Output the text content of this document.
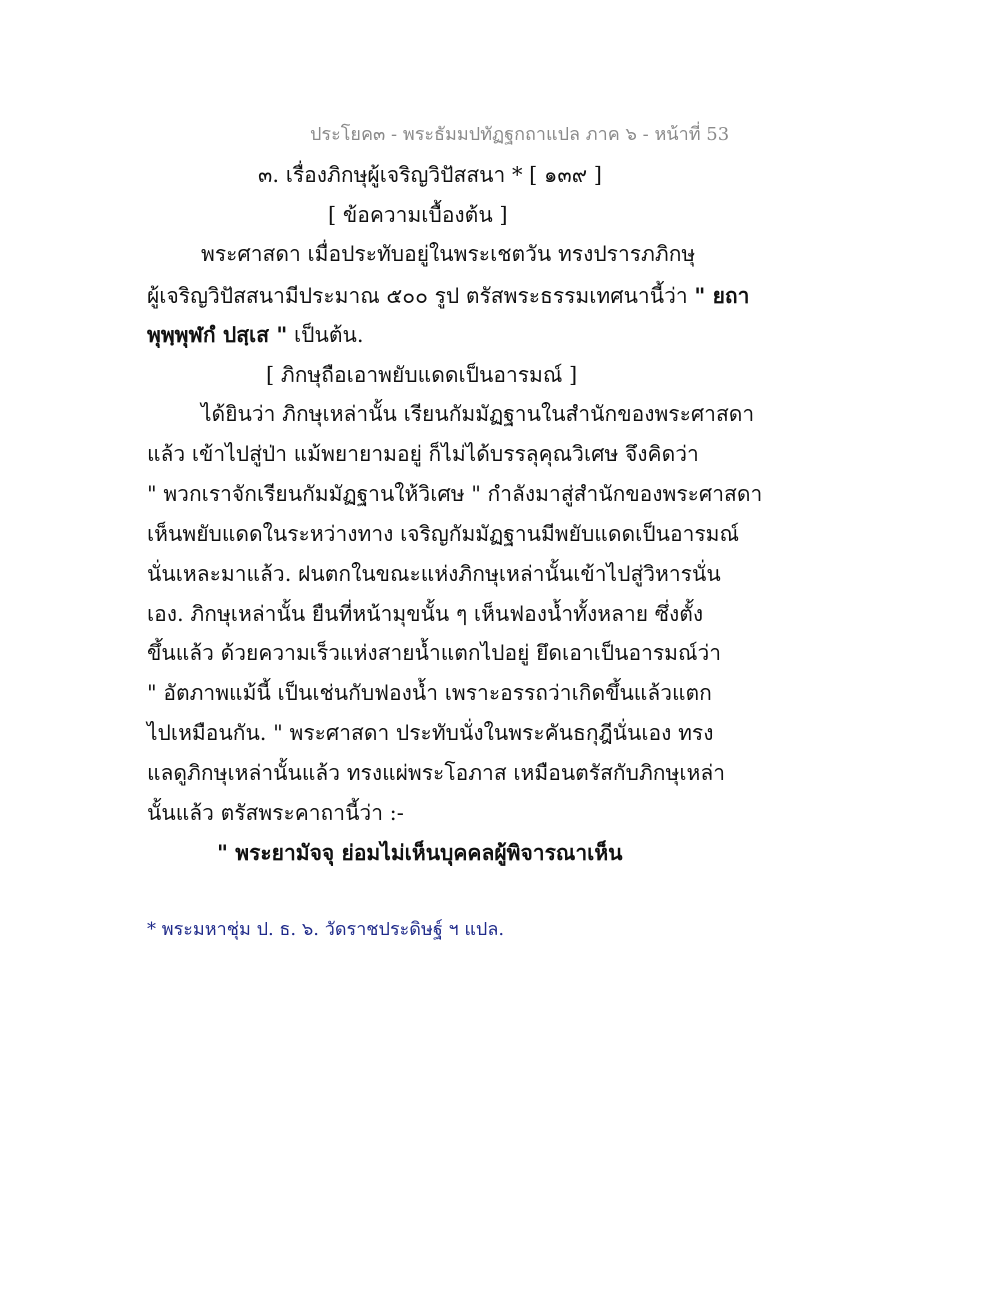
ประโยค๓ - พระธัมมปทัฏฐกถาแปล ภาค ๖ - หน้าที่ 53
๓. เรื่องภิกษุผู้เจริญวิปัสสนา * [ ๑๓๙ ]
[ ข้อความเบื้องต้น ]
พระศาสดา เมื่อประทับอยู่ในพระเชตวัน ทรงปรารภภิกษุ
ผู้เจริญวิปัสสนามีประมาณ ๕๐๐ รูป ตรัสพระธรรมเทศนานี้ว่า " ยถา
พุพฺพุฬกํ ปสฺเส " เป็นต้น.
[ ภิกษุถือเอาพยับแดดเป็นอารมณ์ ]
ได้ยินว่า ภิกษุเหล่านั้น เรียนกัมมัฏฐานในสำนักของพระศาสดา
แล้ว เข้าไปสู่ป่า แม้พยายามอยู่ ก็ไม่ได้บรรลุคุณวิเศษ จึงคิดว่า
" พวกเราจักเรียนกัมมัฏฐานให้วิเศษ " กำลังมาสู่สำนักของพระศาสดา
เห็นพยับแดดในระหว่างทาง เจริญกัมมัฏฐานมีพยับแดดเป็นอารมณ์
นั่นเหละมาแล้ว. ฝนตกในขณะแห่งภิกษุเหล่านั้นเข้าไปสู่วิหารนั่น
เอง. ภิกษุเหล่านั้น ยืนที่หน้ามุขนั้น ๆ เห็นฟองน้ำทั้งหลาย ซึ่งตั้ง
ขึ้นแล้ว ด้วยความเร็วแห่งสายน้ำแตกไปอยู่ ยึดเอาเป็นอารมณ์ว่า
" อัตภาพแม้นี้ เป็นเช่นกับฟองน้ำ เพราะอรรถว่าเกิดขึ้นแล้วแตก
ไปเหมือนกัน. " พระศาสดา ประทับนั่งในพระคันธกุฎีนั่นเอง ทรง
แลดูภิกษุเหล่านั้นแล้ว ทรงแผ่พระโอภาส เหมือนตรัสกับภิกษุเหล่า
นั้นแล้ว ตรัสพระคาถานี้ว่า :-
" พระยามัจจุ ย่อมไม่เห็นบุคคลผู้พิจารณาเห็น
* พระมหาชุ่ม ป. ธ. ๖. วัดราชประดิษฐ์ ฯ แปล.
